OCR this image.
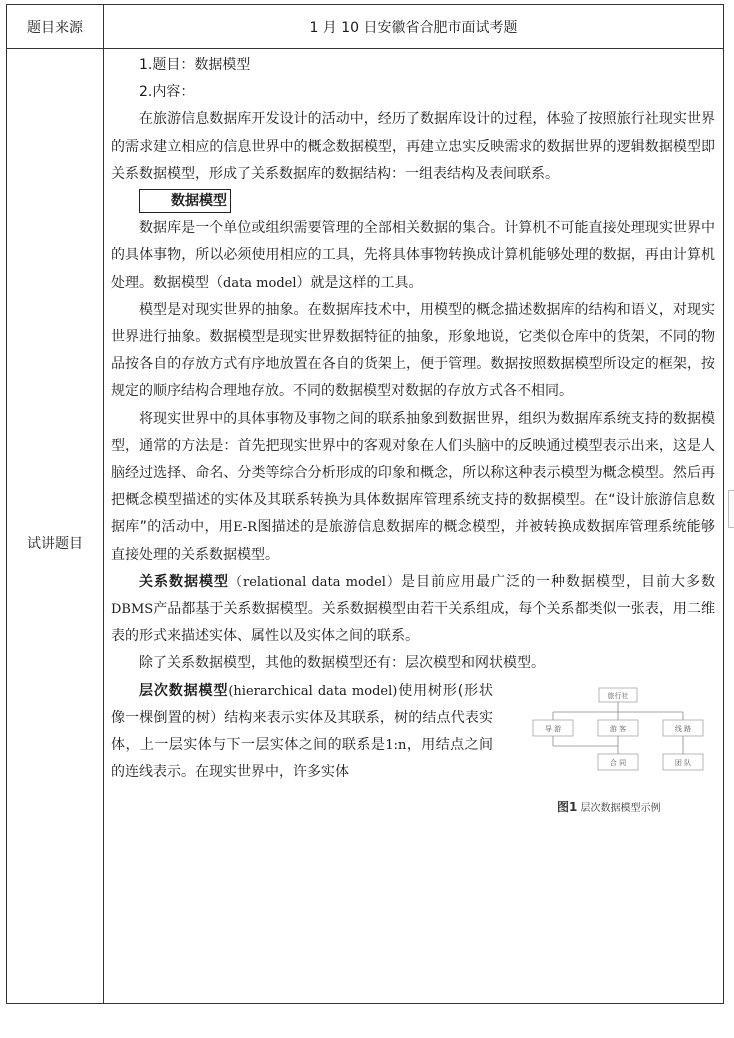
题目来源	1 月 10 日安徽省合肥市面试考题
试讲题目

1.题目：数据模型

2.内容：

在旅游信息数据库开发设计的活动中，经历了数据库设计的过程，体验了按照旅行社现实世界的需求建立相应的信息世界中的概念数据模型，再建立忠实反映需求的数据世界的逻辑数据模型即关系数据模型，形成了关系数据库的数据结构：一组表结构及表间联系。

数据模型

数据库是一个单位或组织需要管理的全部相关数据的集合。计算机不可能直接处理现实世界中的具体事物，所以必须使用相应的工具，先将具体事物转换成计算机能够处理的数据，再由计算机处理。数据模型（data model）就是这样的工具。

模型是对现实世界的抽象。在数据库技术中，用模型的概念描述数据库的结构和语义，对现实世界进行抽象。数据模型是现实世界数据特征的抽象，形象地说，它类似仓库中的货架，不同的物品按各自的存放方式有序地放置在各自的货架上，便于管理。数据按照数据模型所设定的框架，按规定的顺序结构合理地存放。不同的数据模型对数据的存放方式各不相同。

将现实世界中的具体事物及事物之间的联系抽象到数据世界，组织为数据库系统支持的数据模型，通常的方法是：首先把现实世界中的客观对象在人们头脑中的反映通过模型表示出来，这是人脑经过选择、命名、分类等综合分析形成的印象和概念，所以称这种表示模型为概念模型。然后再把概念模型描述的实体及其联系转换为具体数据库管理系统支持的数据模型。在“设计旅游信息数据库”的活动中，用E-R图描述的是旅游信息数据库的概念模型，并被转换成数据库管理系统能够直接处理的关系数据模型。

关系数据模型（relational data model）是目前应用最广泛的一种数据模型，目前大多数DBMS产品都基于关系数据模型。关系数据模型由若干关系组成，每个关系都类似一张表，用二维表的形式来描述实体、属性以及实体之间的联系。

除了关系数据模型，其他的数据模型还有：层次模型和网状模型。

层次数据模型(hierarchical data model)使用树形(形状像一棵倒置的树）结构来表示实体及其联系，树的结点代表实体，上一层实体与下一层实体之间的联系是1:n，用结点之间的连线表示。在现实世界中，许多实体

旅行社
导 游	游 客	线 路
合 同	团 队
图1 层次数据模型示例
